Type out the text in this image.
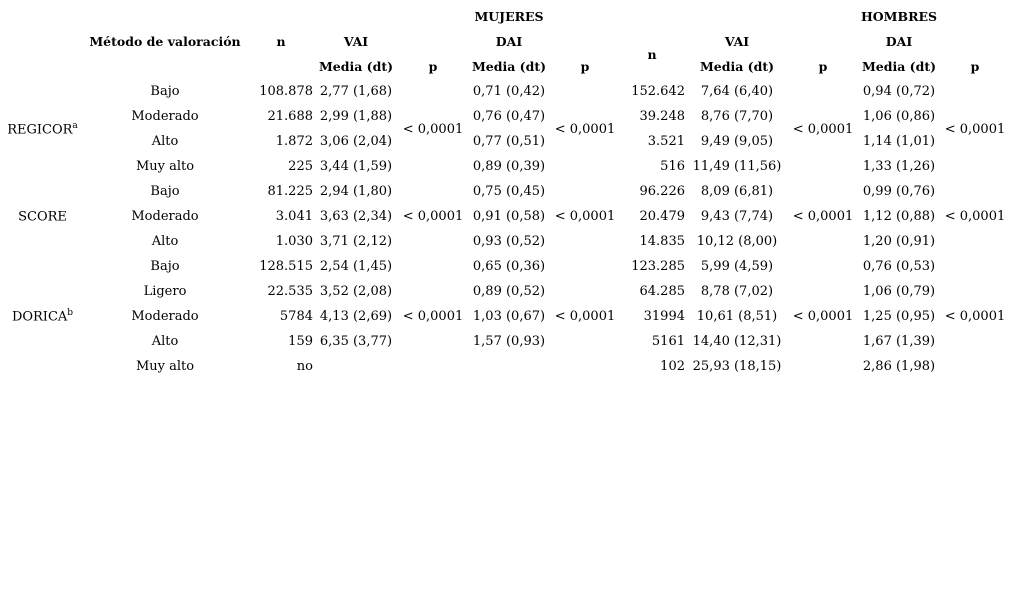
					MUJERES					HOMBRES	
	Método de valoración	n	VAI		DAI		n	VAI		DAI	
			Media (dt)	p	Media (dt)	p		Media (dt)	p	Media (dt)	p
REGICOR$^a$	Bajo	108.878	2,77 (1,68)	< 0,0001	0,71 (0,42)	< 0,0001	152.642	7,64 (6,40)	< 0,0001	0,94 (0,72)	< 0,0001
	Moderado	21.688	2,99 (1,88)		0,76 (0,47)		39.248	8,76 (7,70)		1,06 (0,86)	
	Alto	1.872	3,06 (2,04)		0,77 (0,51)		3.521	9,49 (9,05)		1,14 (1,01)	
	Muy alto	225	3,44 (1,59)		0,89 (0,39)		516	11,49 (11,56)		1,33 (1,26)	
SCORE	Bajo	81.225	2,94 (1,80)	< 0,0001	0,75 (0,45)	< 0,0001	96.226	8,09 (6,81)	< 0,0001	0,99 (0,76)	< 0,0001
	Moderado	3.041	3,63 (2,34)		0,91 (0,58)		20.479	9,43 (7,74)		1,12 (0,88)	
	Alto	1.030	3,71 (2,12)		0,93 (0,52)		14.835	10,12 (8,00)		1,20 (0,91)	
DORICA$^b$	Bajo	128.515	2,54 (1,45)	< 0,0001	0,65 (0,36)	< 0,0001	123.285	5,99 (4,59)	< 0,0001	0,76 (0,53)	< 0,0001
	Ligero	22.535	3,52 (2,08)		0,89 (0,52)		64.285	8,78 (7,02)		1,06 (0,79)	
	Moderado	5784	4,13 (2,69)		1,03 (0,67)		31994	10,61 (8,51)		1,25 (0,95)	
	Alto	159	6,35 (3,77)		1,57 (0,93)		5161	14,40 (12,31)		1,67 (1,39)	
	Muy alto	no					102	25,93 (18,15)		2,86 (1,98)	
